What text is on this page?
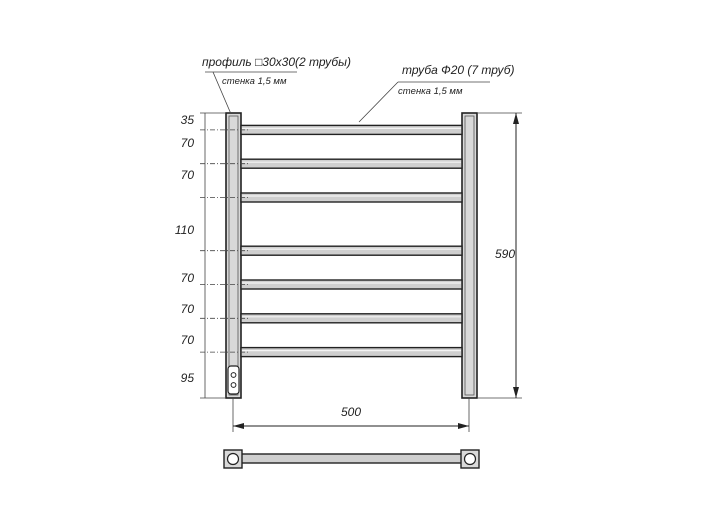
35
70
70
110
70
70
70
95
590
500
профиль □30х30(2 трубы)
стенка 1,5 мм
труба Ф20 (7 труб)
стенка 1,5 мм
